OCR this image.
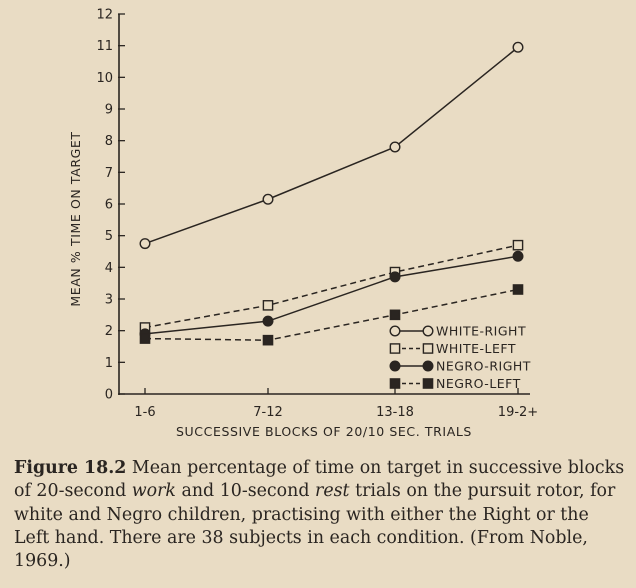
0
1
2
3
4
5
6
7
8
9
10
11
12
1-6	7-12	13-18	19-2+
WHITE-RIGHT
WHITE-LEFT
NEGRO-RIGHT
NEGRO-LEFT
MEAN % TIME ON TARGET
SUCCESSIVE BLOCKS OF 20/10 SEC. TRIALS
Figure 18.2 Mean percentage of time on target in successive blocks of 20-second work and 10-second rest trials on the pursuit rotor, for white and Negro children, practising with either the Right or the Left hand. There are 38 subjects in each condition. (From Noble, 1969.)
